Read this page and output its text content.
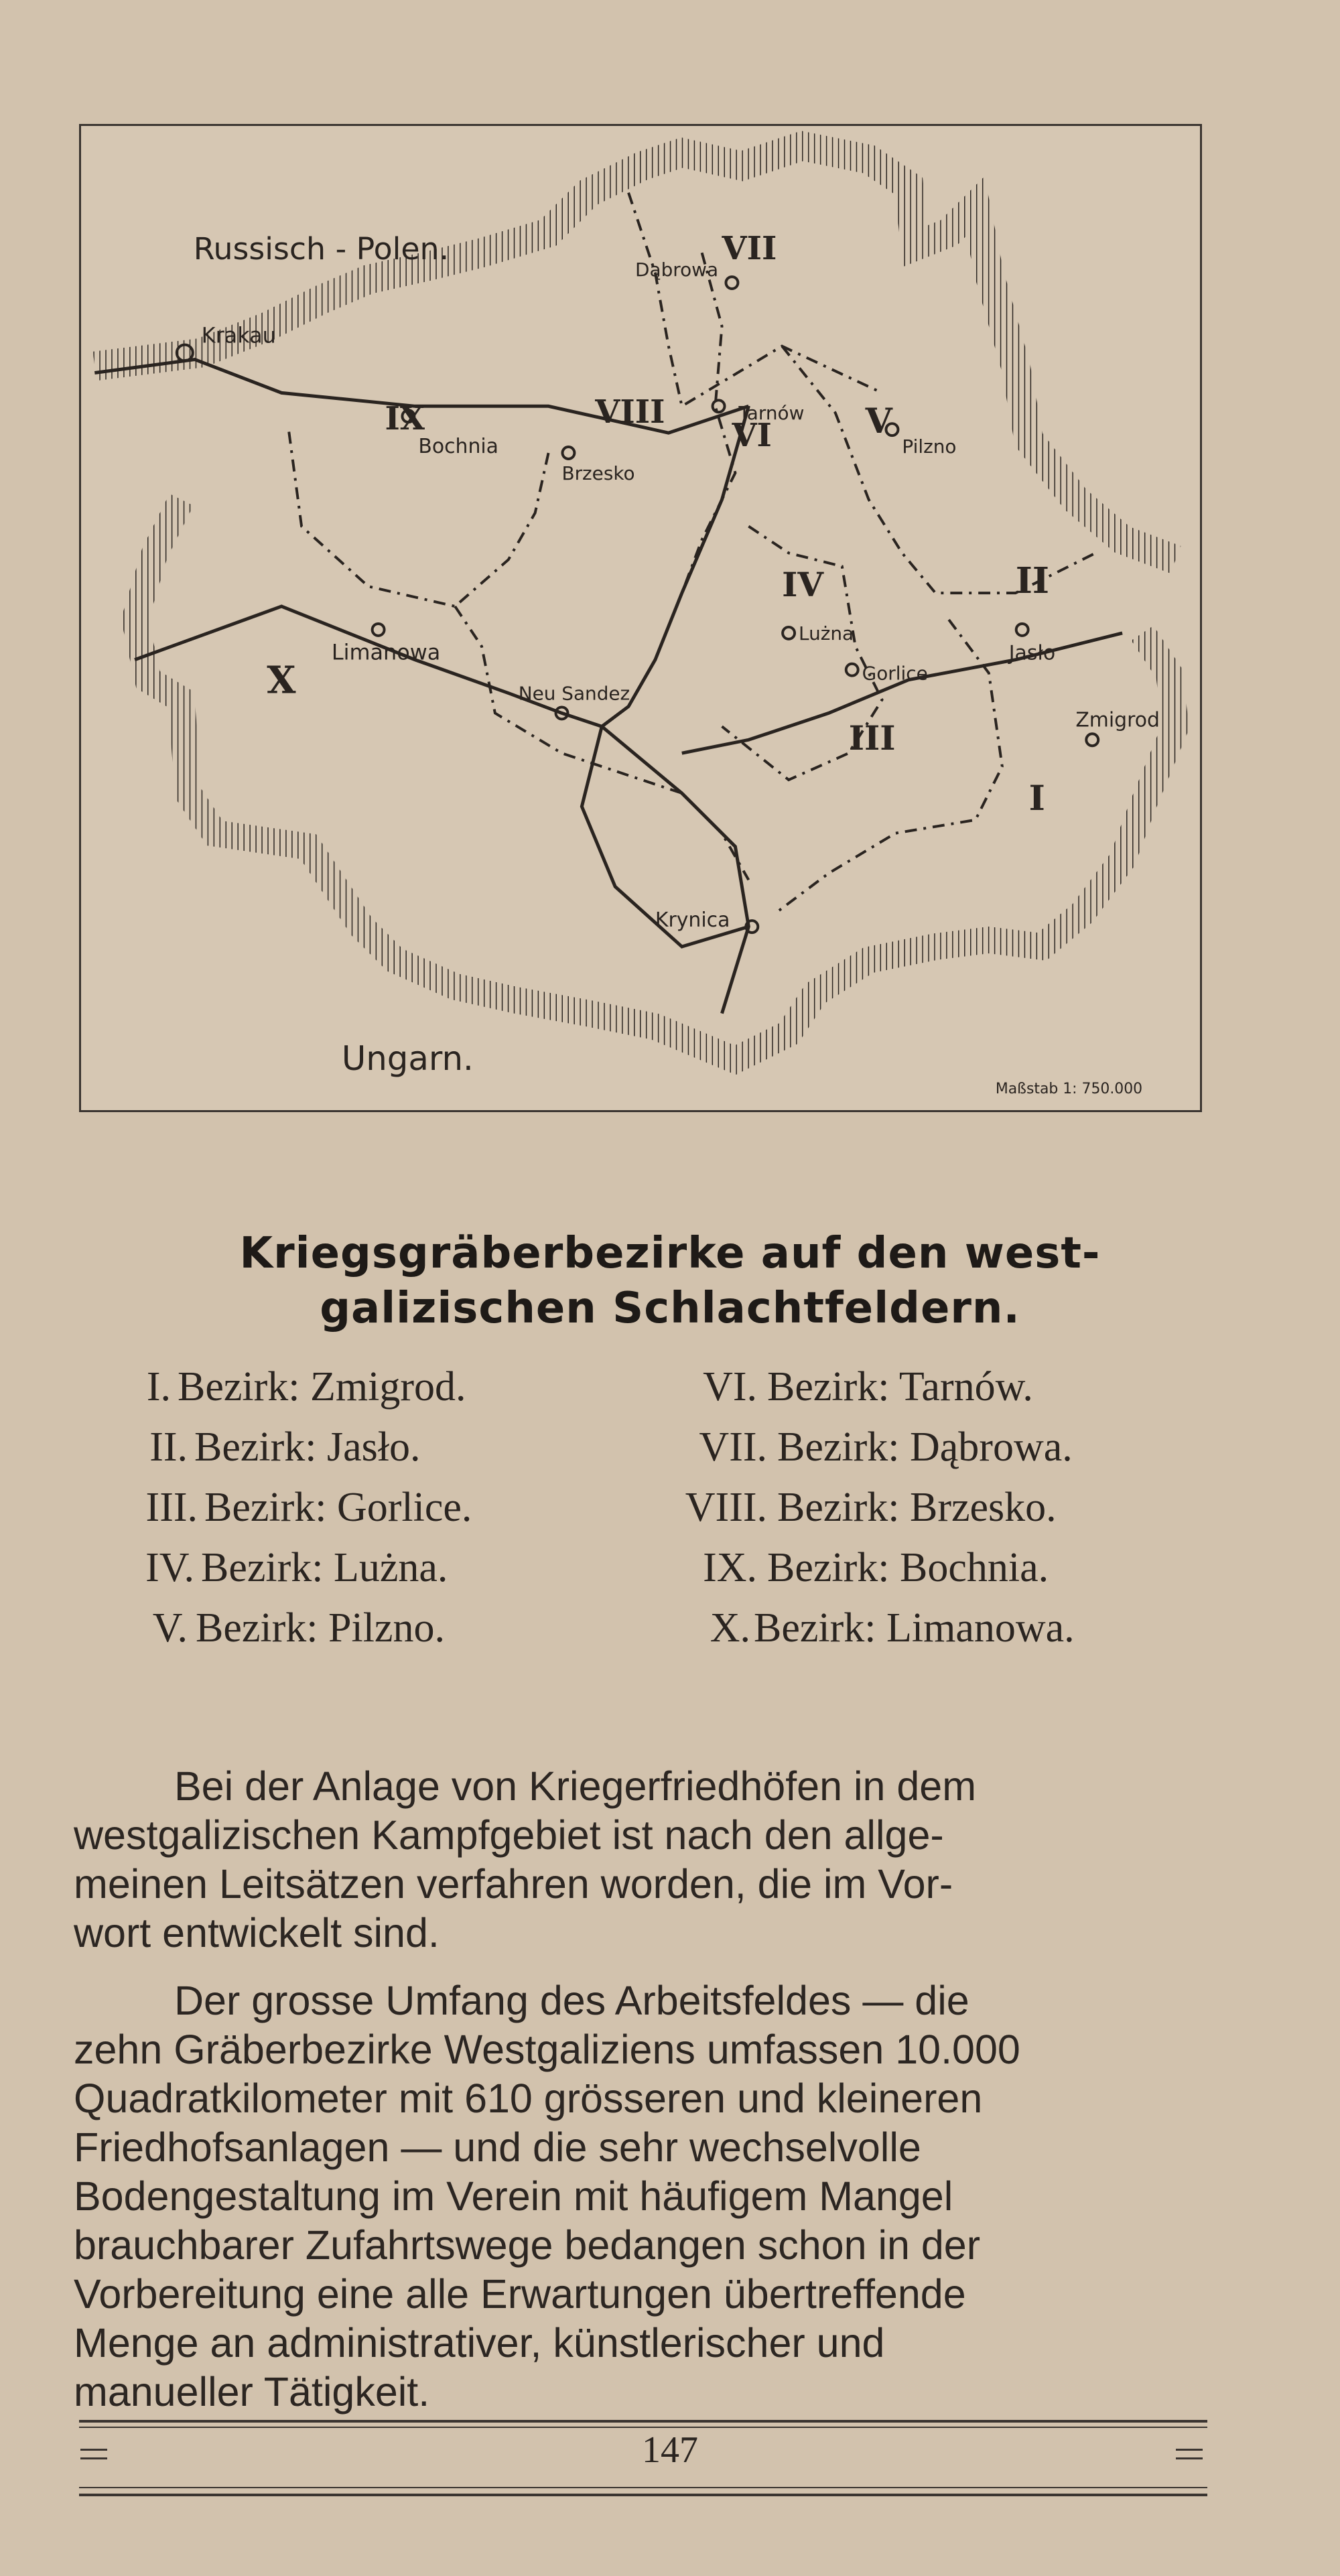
Russisch - Polen.
Krakau
Dąbrowa
Tarnów
Pilzno
Bochnia
Brzesko
Lużna
Jasło
Gorlice
Zmigrod
Limanowa
Neu Sandez
Krynica
Ungarn.
Maßstab 1: 750.000
I
II
III
IV
V
VI
VII
VIII
IX
X
Kriegsgräberbezirke auf den west-
galizischen Schlachtfeldern.
I. Bezirk: Zmigrod.
II. Bezirk: Jasło.
III. Bezirk: Gorlice.
IV. Bezirk: Lużna.
V. Bezirk: Pilzno.
VI. Bezirk: Tarnów.
VII. Bezirk: Dąbrowa.
VIII. Bezirk: Brzesko.
IX. Bezirk: Bochnia.
X. Bezirk: Limanowa.
Bei der Anlage von Kriegerfriedhöfen in dem
westgalizischen Kampfgebiet ist nach den allge-
meinen Leitsätzen verfahren worden, die im Vor-
wort entwickelt sind.
Der grosse Umfang des Arbeitsfeldes — die
zehn Gräberbezirke Westgaliziens umfassen 10.000
Quadratkilometer mit 610 grösseren und kleineren
Friedhofsanlagen — und die sehr wechselvolle
Bodengestaltung im Verein mit häufigem Mangel
brauchbarer Zufahrtswege bedangen schon in der
Vorbereitung eine alle Erwartungen übertreffende
Menge an administrativer, künstlerischer und
manueller Tätigkeit.
147
